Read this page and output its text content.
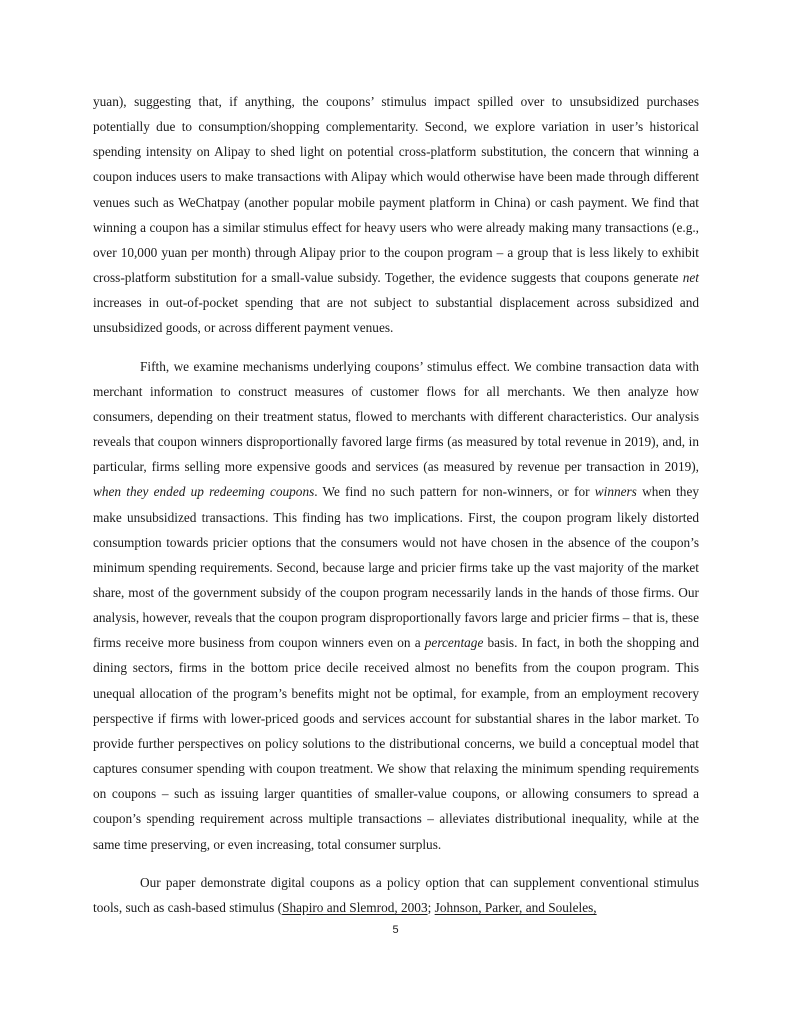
yuan), suggesting that, if anything, the coupons’ stimulus impact spilled over to unsubsidized purchases potentially due to consumption/shopping complementarity. Second, we explore variation in user’s historical spending intensity on Alipay to shed light on potential cross-platform substitution, the concern that winning a coupon induces users to make transactions with Alipay which would otherwise have been made through different venues such as WeChatpay (another popular mobile payment platform in China) or cash payment. We find that winning a coupon has a similar stimulus effect for heavy users who were already making many transactions (e.g., over 10,000 yuan per month) through Alipay prior to the coupon program – a group that is less likely to exhibit cross-platform substitution for a small-value subsidy. Together, the evidence suggests that coupons generate net increases in out-of-pocket spending that are not subject to substantial displacement across subsidized and unsubsidized goods, or across different payment venues.

Fifth, we examine mechanisms underlying coupons’ stimulus effect. We combine transaction data with merchant information to construct measures of customer flows for all merchants. We then analyze how consumers, depending on their treatment status, flowed to merchants with different characteristics. Our analysis reveals that coupon winners disproportionally favored large firms (as measured by total revenue in 2019), and, in particular, firms selling more expensive goods and services (as measured by revenue per transaction in 2019), when they ended up redeeming coupons. We find no such pattern for non-winners, or for winners when they make unsubsidized transactions. This finding has two implications. First, the coupon program likely distorted consumption towards pricier options that the consumers would not have chosen in the absence of the coupon’s minimum spending requirements. Second, because large and pricier firms take up the vast majority of the market share, most of the government subsidy of the coupon program necessarily lands in the hands of those firms. Our analysis, however, reveals that the coupon program disproportionally favors large and pricier firms – that is, these firms receive more business from coupon winners even on a percentage basis. In fact, in both the shopping and dining sectors, firms in the bottom price decile received almost no benefits from the coupon program. This unequal allocation of the program’s benefits might not be optimal, for example, from an employment recovery perspective if firms with lower-priced goods and services account for substantial shares in the labor market. To provide further perspectives on policy solutions to the distributional concerns, we build a conceptual model that captures consumer spending with coupon treatment. We show that relaxing the minimum spending requirements on coupons – such as issuing larger quantities of smaller-value coupons, or allowing consumers to spread a coupon’s spending requirement across multiple transactions – alleviates distributional inequality, while at the same time preserving, or even increasing, total consumer surplus.

Our paper demonstrate digital coupons as a policy option that can supplement conventional stimulus tools, such as cash-based stimulus (Shapiro and Slemrod, 2003; Johnson, Parker, and Souleles,

5
